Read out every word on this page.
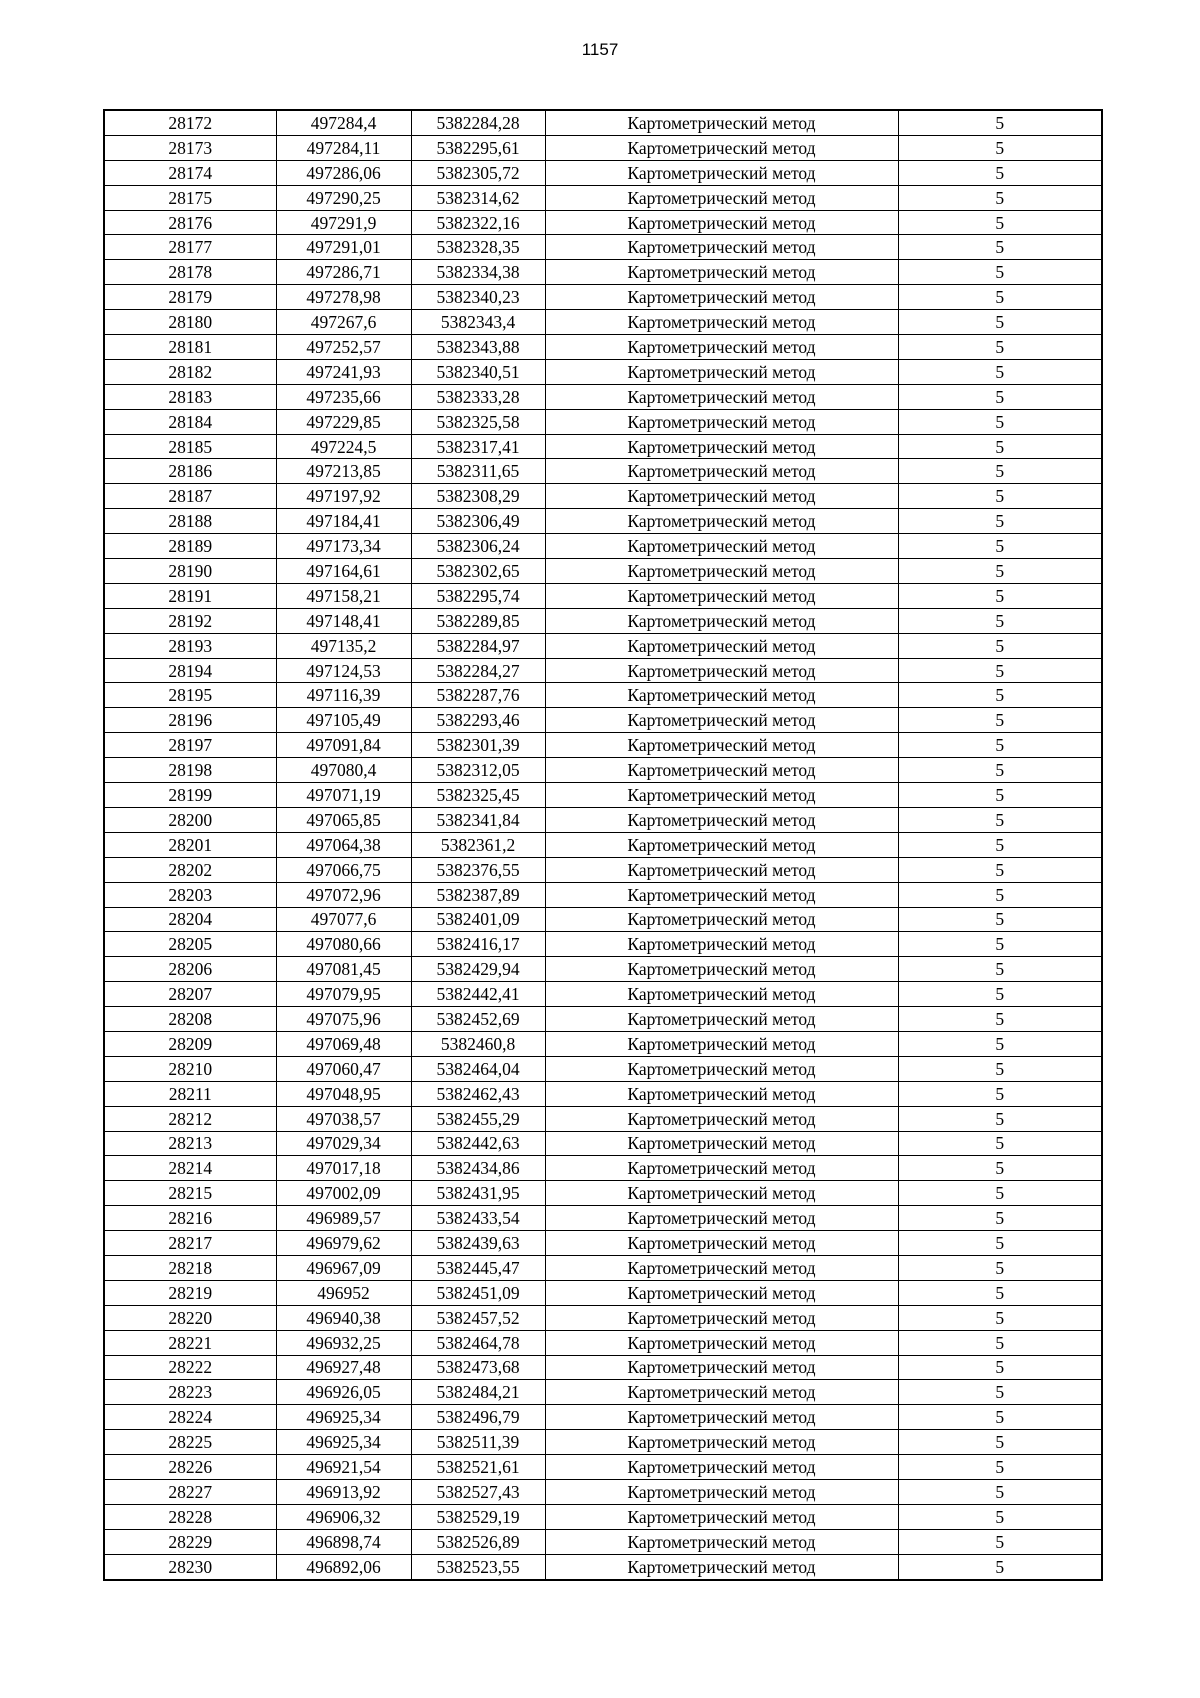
1157
28172	497284,4	5382284,28	Картометрический метод	5
28173	497284,11	5382295,61	Картометрический метод	5
28174	497286,06	5382305,72	Картометрический метод	5
28175	497290,25	5382314,62	Картометрический метод	5
28176	497291,9	5382322,16	Картометрический метод	5
28177	497291,01	5382328,35	Картометрический метод	5
28178	497286,71	5382334,38	Картометрический метод	5
28179	497278,98	5382340,23	Картометрический метод	5
28180	497267,6	5382343,4	Картометрический метод	5
28181	497252,57	5382343,88	Картометрический метод	5
28182	497241,93	5382340,51	Картометрический метод	5
28183	497235,66	5382333,28	Картометрический метод	5
28184	497229,85	5382325,58	Картометрический метод	5
28185	497224,5	5382317,41	Картометрический метод	5
28186	497213,85	5382311,65	Картометрический метод	5
28187	497197,92	5382308,29	Картометрический метод	5
28188	497184,41	5382306,49	Картометрический метод	5
28189	497173,34	5382306,24	Картометрический метод	5
28190	497164,61	5382302,65	Картометрический метод	5
28191	497158,21	5382295,74	Картометрический метод	5
28192	497148,41	5382289,85	Картометрический метод	5
28193	497135,2	5382284,97	Картометрический метод	5
28194	497124,53	5382284,27	Картометрический метод	5
28195	497116,39	5382287,76	Картометрический метод	5
28196	497105,49	5382293,46	Картометрический метод	5
28197	497091,84	5382301,39	Картометрический метод	5
28198	497080,4	5382312,05	Картометрический метод	5
28199	497071,19	5382325,45	Картометрический метод	5
28200	497065,85	5382341,84	Картометрический метод	5
28201	497064,38	5382361,2	Картометрический метод	5
28202	497066,75	5382376,55	Картометрический метод	5
28203	497072,96	5382387,89	Картометрический метод	5
28204	497077,6	5382401,09	Картометрический метод	5
28205	497080,66	5382416,17	Картометрический метод	5
28206	497081,45	5382429,94	Картометрический метод	5
28207	497079,95	5382442,41	Картометрический метод	5
28208	497075,96	5382452,69	Картометрический метод	5
28209	497069,48	5382460,8	Картометрический метод	5
28210	497060,47	5382464,04	Картометрический метод	5
28211	497048,95	5382462,43	Картометрический метод	5
28212	497038,57	5382455,29	Картометрический метод	5
28213	497029,34	5382442,63	Картометрический метод	5
28214	497017,18	5382434,86	Картометрический метод	5
28215	497002,09	5382431,95	Картометрический метод	5
28216	496989,57	5382433,54	Картометрический метод	5
28217	496979,62	5382439,63	Картометрический метод	5
28218	496967,09	5382445,47	Картометрический метод	5
28219	496952	5382451,09	Картометрический метод	5
28220	496940,38	5382457,52	Картометрический метод	5
28221	496932,25	5382464,78	Картометрический метод	5
28222	496927,48	5382473,68	Картометрический метод	5
28223	496926,05	5382484,21	Картометрический метод	5
28224	496925,34	5382496,79	Картометрический метод	5
28225	496925,34	5382511,39	Картометрический метод	5
28226	496921,54	5382521,61	Картометрический метод	5
28227	496913,92	5382527,43	Картометрический метод	5
28228	496906,32	5382529,19	Картометрический метод	5
28229	496898,74	5382526,89	Картометрический метод	5
28230	496892,06	5382523,55	Картометрический метод	5
